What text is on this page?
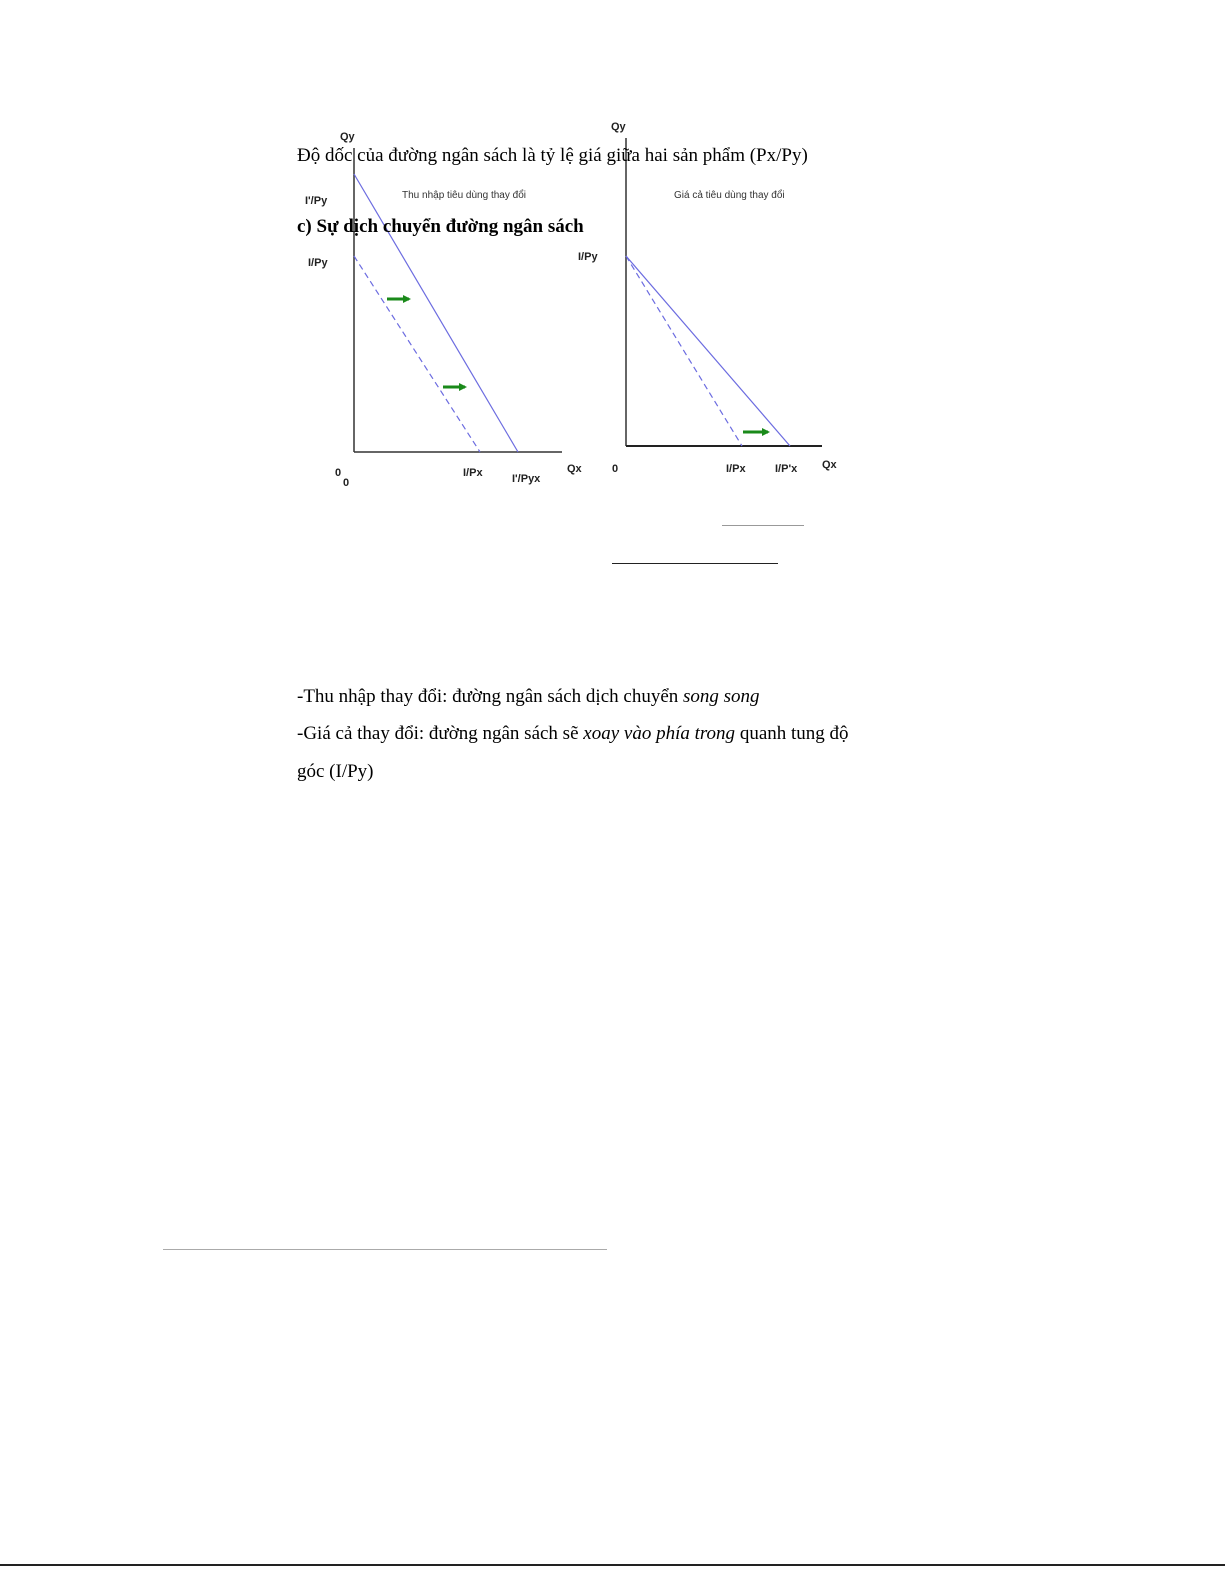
Qy
Thu nhập tiêu dùng thay đổi
I'/Py
I/Py
0
0
I/Px	I'/Pyx
Qx
Qy
Giá cả tiêu dùng thay đổi
I/Py
0	I/Px	I/P'x Qx
Độ dốc của đường ngân sách là tỷ lệ giá giữa hai sản phẩm (Px/Py)
c) Sự dịch chuyển đường ngân sách
-Thu nhập thay đổi: đường ngân sách dịch chuyển song song
-Giá cả thay đổi: đường ngân sách sẽ xoay vào phía trong quanh tung độ
góc (I/Py)
